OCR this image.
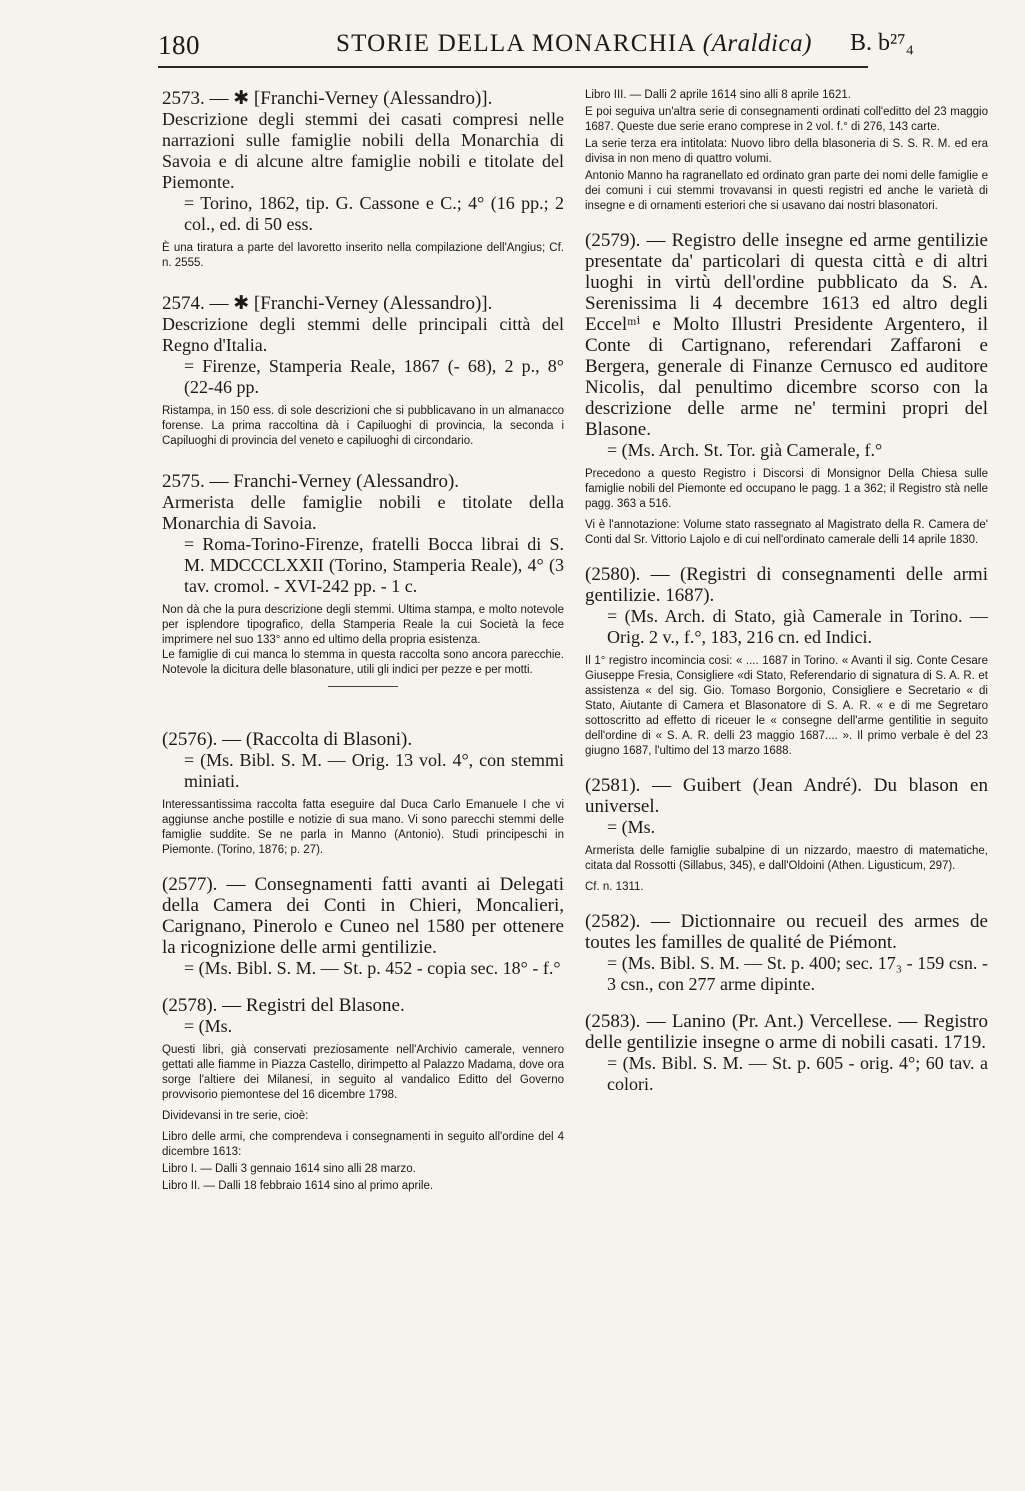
180	STORIE DELLA MONARCHIA (Araldica) B. b²⁷₄

2573. — ✱ [Franchi-Verney (Alessandro)].

Descrizione degli stemmi dei casati compresi nelle narrazioni sulle famiglie nobili della Monarchia di Savoia e di alcune altre famiglie nobili e titolate del Piemonte.

= Torino, 1862, tip. G. Cassone e C.; 4° (16 pp.; 2 col., ed. di 50 ess.

È una tiratura a parte del lavoretto inserito nella compilazione dell'Angius; Cf. n. 2555.

2574. — ✱ [Franchi-Verney (Alessandro)].

Descrizione degli stemmi delle principali città del Regno d'Italia.

= Firenze, Stamperia Reale, 1867 (- 68), 2 p., 8° (22-46 pp.

Ristampa, in 150 ess. di sole descrizioni che si pubblicavano in un almanacco forense. La prima raccoltina dà i Capiluoghi di provincia, la seconda i Capiluoghi di provincia del veneto e capiluoghi di circondario.

2575. — Franchi-Verney (Alessandro).

Armerista delle famiglie nobili e titolate della Monarchia di Savoia.

= Roma-Torino-Firenze, fratelli Bocca librai di S. M. MDCCCLXXII (Torino, Stamperia Reale), 4° (3 tav. cromol. - XVI-242 pp. - 1 c.

Non dà che la pura descrizione degli stemmi. Ultima stampa, e molto notevole per isplendore tipografico, della Stamperia Reale la cui Società la fece imprimere nel suo 133° anno ed ultimo della propria esistenza.

Le famiglie di cui manca lo stemma in questa raccolta sono ancora parecchie. Notevole la dicitura delle blasonature, utili gli indici per pezze e per motti.

(2576). — (Raccolta di Blasoni).

= (Ms. Bibl. S. M. — Orig. 13 vol. 4°, con stemmi miniati.

Interessantissima raccolta fatta eseguire dal Duca Carlo Emanuele I che vi aggiunse anche postille e notizie di sua mano. Vi sono parecchi stemmi delle famiglie suddite. Se ne parla in Manno (Antonio). Studi principeschi in Piemonte. (Torino, 1876; p. 27).

(2577). — Consegnamenti fatti avanti ai Delegati della Camera dei Conti in Chieri, Moncalieri, Carignano, Pinerolo e Cuneo nel 1580 per ottenere la ricognizione delle armi gentilizie.

= (Ms. Bibl. S. M. — St. p. 452 - copia sec. 18° - f.°

(2578). — Registri del Blasone.

= (Ms.

Questi libri, già conservati preziosamente nell'Archivio camerale, vennero gettati alle fiamme in Piazza Castello, dirimpetto al Palazzo Madama, dove ora sorge l'altiere dei Milanesi, in seguito al vandalico Editto del Governo provvisorio piemontese del 16 dicembre 1798.

Dividevansi in tre serie, cioè:

Libro delle armi, che comprendeva i consegnamenti in seguito all'ordine del 4 dicembre 1613:

Libro I. — Dalli 3 gennaio 1614 sino alli 28 marzo.

Libro II. — Dalli 18 febbraio 1614 sino al primo aprile.

Libro III. — Dalli 2 aprile 1614 sino alli 8 aprile 1621.

E poi seguiva un'altra serie di consegnamenti ordinati coll'editto del 23 maggio 1687. Queste due serie erano comprese in 2 vol. f.° di 276, 143 carte.

La serie terza era intitolata: Nuovo libro della blasoneria di S. S. R. M. ed era divisa in non meno di quattro volumi.

Antonio Manno ha ragranellato ed ordinato gran parte dei nomi delle famiglie e dei comuni i cui stemmi trovavansi in questi registri ed anche le varietà di insegne e di ornamenti esteriori che si usavano dai nostri blasonatori.

(2579). — Registro delle insegne ed arme gentilizie presentate da' particolari di questa città e di altri luoghi in virtù dell'ordine pubblicato da S. A. Serenissima li 4 decembre 1613 ed altro degli Eccelᵐⁱ e Molto Illustri Presidente Argentero, il Conte di Cartignano, referendari Zaffaroni e Bergera, generale di Finanze Cernusco ed auditore Nicolis, dal penultimo dicembre scorso con la descrizione delle arme ne' termini propri del Blasone.

= (Ms. Arch. St. Tor. già Camerale, f.°

Precedono a questo Registro i Discorsi di Monsignor Della Chiesa sulle famiglie nobili del Piemonte ed occupano le pagg. 1 a 362; il Registro stà nelle pagg. 363 a 516.

Vi è l'annotazione: Volume stato rassegnato al Magistrato della R. Camera de' Conti dal Sr. Vittorio Lajolo e di cui nell'ordinato camerale delli 14 aprile 1830.

(2580). — (Registri di consegnamenti delle armi gentilizie. 1687).

= (Ms. Arch. di Stato, già Camerale in Torino. — Orig. 2 v., f.°, 183, 216 cn. ed Indici.

Il 1° registro incomincia cosi: « .... 1687 in Torino. « Avanti il sig. Conte Cesare Giuseppe Fresia, Consigliere «di Stato, Referendario di signatura di S. A. R. et assistenza « del sig. Gio. Tomaso Borgonio, Consigliere e Secretario « di Stato, Aiutante di Camera et Blasonatore di S. A. R. « e di me Segretaro sottoscritto ad effetto di riceuer le « consegne dell'arme gentilitie in seguito dell'ordine di « S. A. R. delli 23 maggio 1687.... ». Il primo verbale è del 23 giugno 1687, l'ultimo del 13 marzo 1688.

(2581). — Guibert (Jean André). Du blason en universel.

= (Ms.

Armerista delle famiglie subalpine di un nizzardo, maestro di matematiche, citata dal Rossotti (Sillabus, 345), e dall'Oldoini (Athen. Ligusticum, 297).

Cf. n. 1311.

(2582). — Dictionnaire ou recueil des armes de toutes les familles de qualité de Piémont.

= (Ms. Bibl. S. M. — St. p. 400; sec. 17₃ - 159 csn. - 3 csn., con 277 arme dipinte.

(2583). — Lanino (Pr. Ant.) Vercellese. — Registro delle gentilizie insegne o arme di nobili casati. 1719.

= (Ms. Bibl. S. M. — St. p. 605 - orig. 4°; 60 tav. a colori.
